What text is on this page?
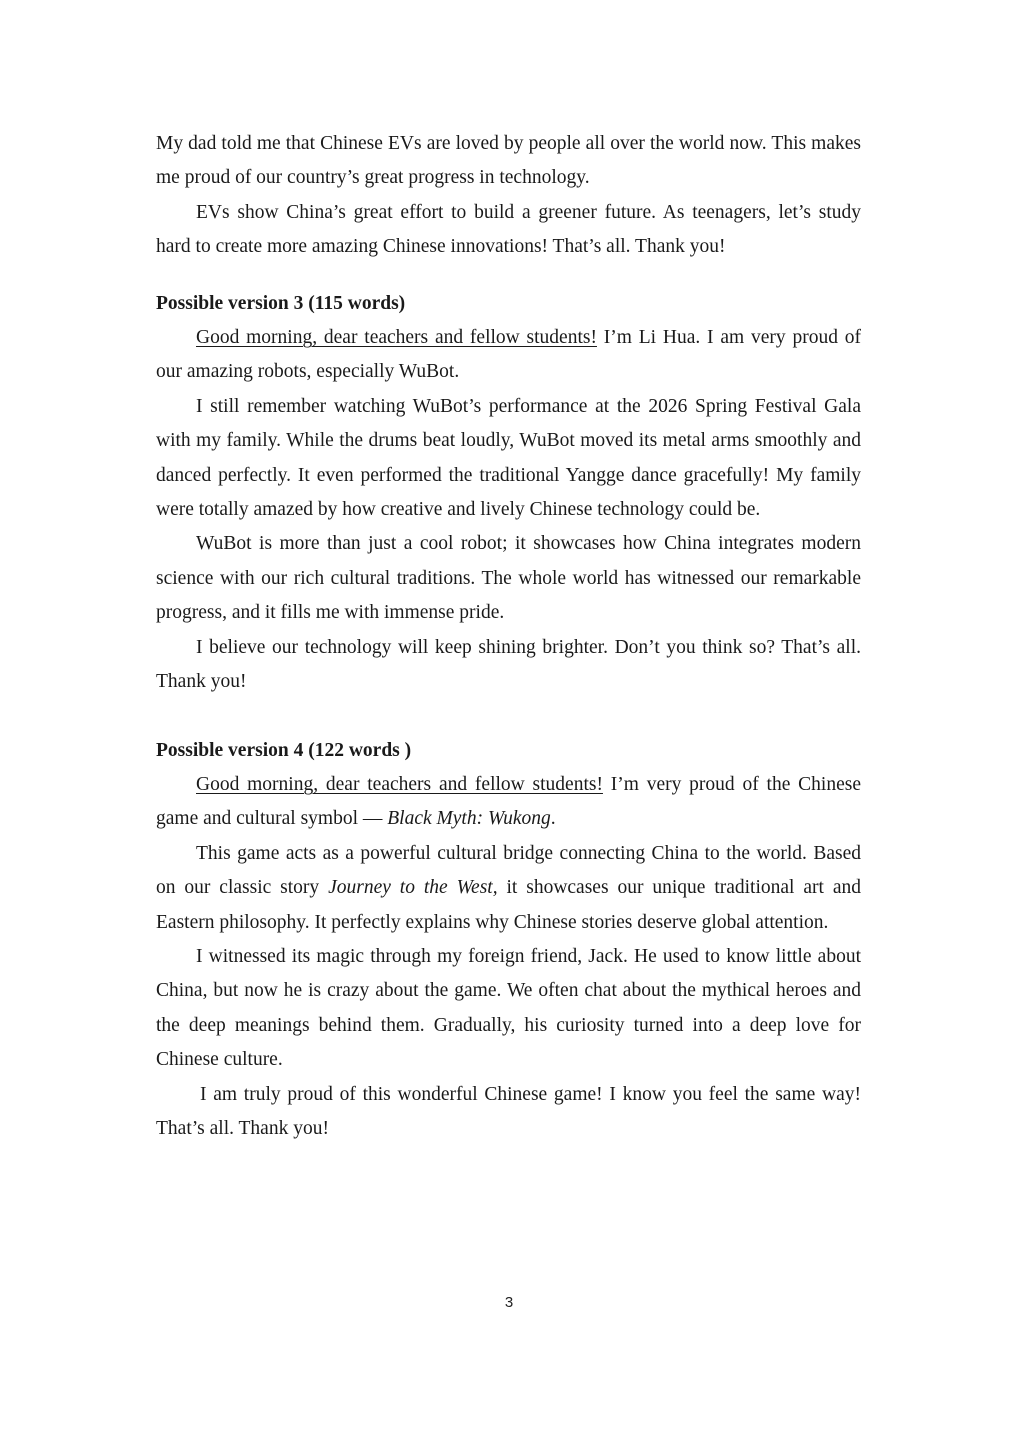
My dad told me that Chinese EVs are loved by people all over the world now. This makes me proud of our country’s great progress in technology.

EVs show China’s great effort to build a greener future. As teenagers, let’s study hard to create more amazing Chinese innovations! That’s all. Thank you!

Possible version 3 (115 words)

Good morning, dear teachers and fellow students! I’m Li Hua. I am very proud of our amazing robots, especially WuBot.

I still remember watching WuBot’s performance at the 2026 Spring Festival Gala with my family. While the drums beat loudly, WuBot moved its metal arms smoothly and danced perfectly. It even performed the traditional Yangge dance gracefully! My family were totally amazed by how creative and lively Chinese technology could be.

WuBot is more than just a cool robot; it showcases how China integrates modern science with our rich cultural traditions. The whole world has witnessed our remarkable progress, and it fills me with immense pride.

I believe our technology will keep shining brighter. Don’t you think so? That’s all. Thank you!

Possible version 4 (122 words )

Good morning, dear teachers and fellow students! I’m very proud of the Chinese game and cultural symbol — Black Myth: Wukong.

This game acts as a powerful cultural bridge connecting China to the world. Based on our classic story Journey to the West, it showcases our unique traditional art and Eastern philosophy. It perfectly explains why Chinese stories deserve global attention.

I witnessed its magic through my foreign friend, Jack. He used to know little about China, but now he is crazy about the game. We often chat about the mythical heroes and the deep meanings behind them. Gradually, his curiosity turned into a deep love for Chinese culture.

I am truly proud of this wonderful Chinese game! I know you feel the same way! That’s all. Thank you!

3
